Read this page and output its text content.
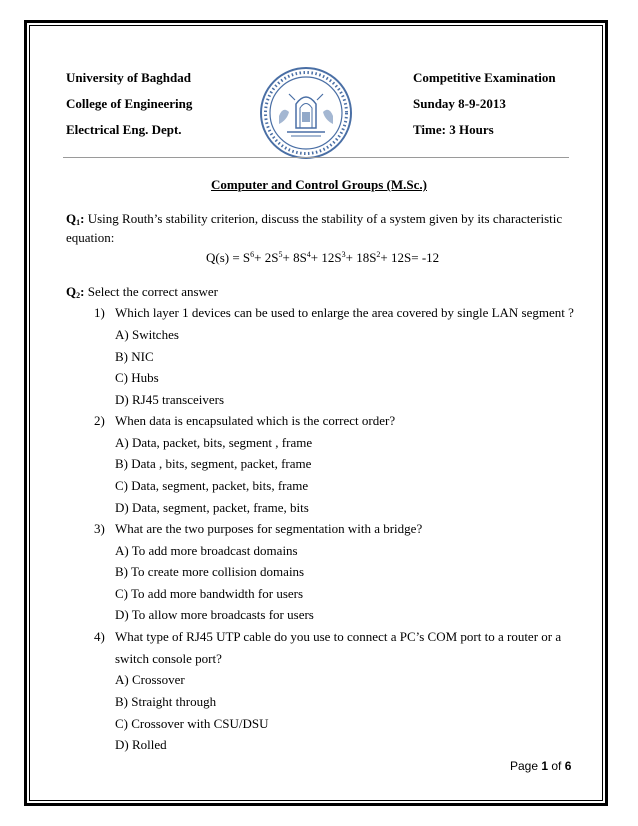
University of Baghdad
College of Engineering
Electrical Eng. Dept.
Competitive Examination
Sunday 8-9-2013
Time: 3 Hours
Computer and Control Groups (M.Sc.)
$Q_1$: Using Routh’s stability criterion, discuss the stability of a system given by its characteristic
equation:
$Q(s) = S^6+ 2S^5+ 8S^4+ 12S^3+ 18S^2+ 12S= -12$
$Q_2$: Select the correct answer
1) Which layer 1 devices can be used to enlarge the area covered by single LAN segment ?
A) Switches
B) NIC
C) Hubs
D) RJ45 transceivers
2) When data is encapsulated which is the correct order?
A) Data, packet, bits, segment , frame
B) Data , bits, segment, packet, frame
C) Data, segment, packet, bits, frame
D) Data, segment, packet, frame, bits
3) What are the two purposes for segmentation with a bridge?
A) To add more broadcast domains
B) To create more collision domains
C) To add more bandwidth for users
D) To allow more broadcasts for users
4) What type of RJ45 UTP cable do you use to connect a PC’s COM port to a router or a
switch console port?
A) Crossover
B) Straight through
C) Crossover with CSU/DSU
D) Rolled
Page 1 of 6
